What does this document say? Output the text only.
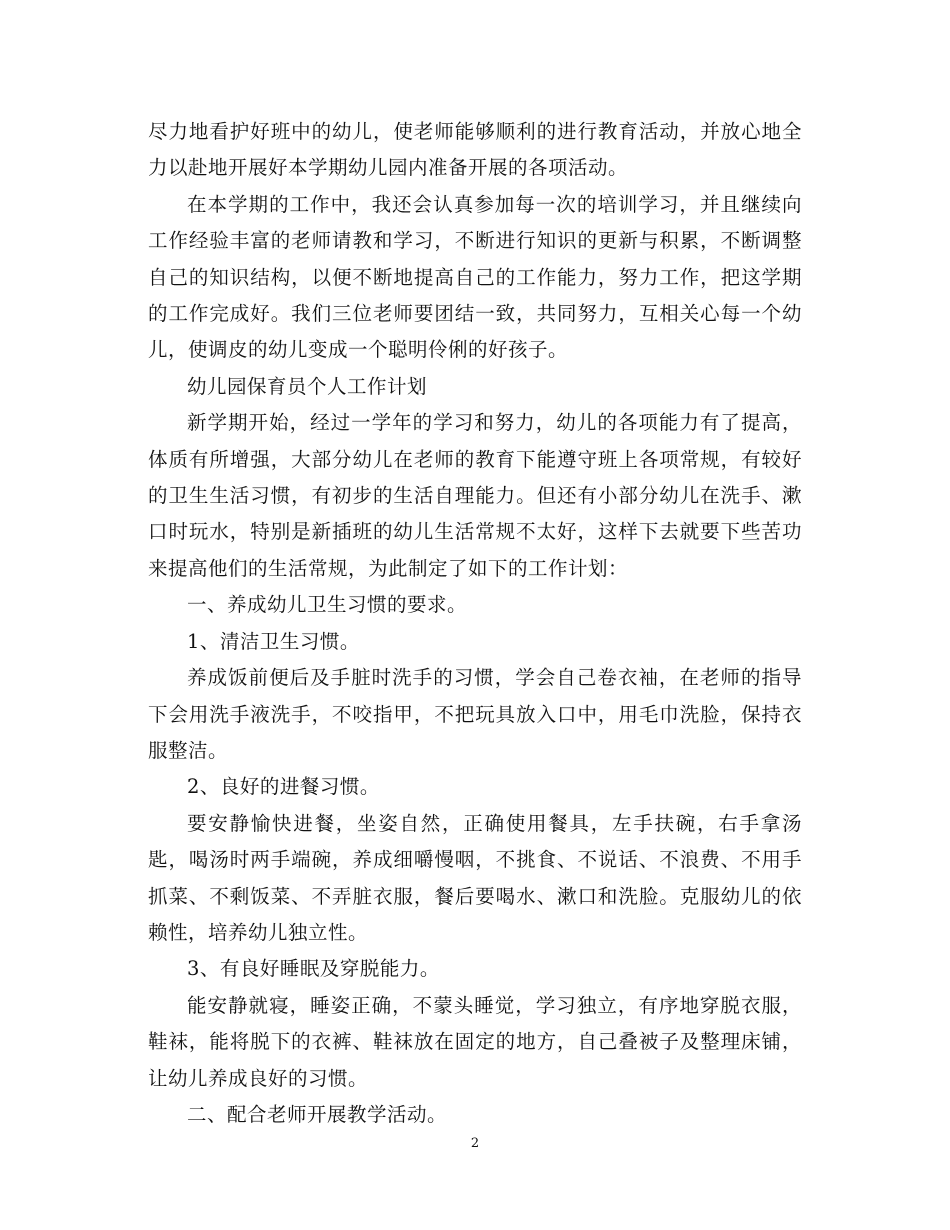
尽力地看护好班中的幼儿，使老师能够顺利的进行教育活动，并放心地全力以赴地开展好本学期幼儿园内准备开展的各项活动。

在本学期的工作中，我还会认真参加每一次的培训学习，并且继续向工作经验丰富的老师请教和学习，不断进行知识的更新与积累，不断调整自己的知识结构，以便不断地提高自己的工作能力，努力工作，把这学期的工作完成好。我们三位老师要团结一致，共同努力，互相关心每一个幼儿，使调皮的幼儿变成一个聪明伶俐的好孩子。

幼儿园保育员个人工作计划

新学期开始，经过一学年的学习和努力，幼儿的各项能力有了提高，体质有所增强，大部分幼儿在老师的教育下能遵守班上各项常规，有较好的卫生生活习惯，有初步的生活自理能力。但还有小部分幼儿在洗手、漱口时玩水，特别是新插班的幼儿生活常规不太好，这样下去就要下些苦功来提高他们的生活常规，为此制定了如下的工作计划：

一、养成幼儿卫生习惯的要求。

1、清洁卫生习惯。

养成饭前便后及手脏时洗手的习惯，学会自己卷衣袖，在老师的指导下会用洗手液洗手，不咬指甲，不把玩具放入口中，用毛巾洗脸，保持衣服整洁。

2、良好的进餐习惯。

要安静愉快进餐，坐姿自然，正确使用餐具，左手扶碗，右手拿汤匙，喝汤时两手端碗，养成细嚼慢咽，不挑食、不说话、不浪费、不用手抓菜、不剩饭菜、不弄脏衣服，餐后要喝水、漱口和洗脸。克服幼儿的依赖性，培养幼儿独立性。

3、有良好睡眠及穿脱能力。

能安静就寝，睡姿正确，不蒙头睡觉，学习独立，有序地穿脱衣服，鞋袜，能将脱下的衣裤、鞋袜放在固定的地方，自己叠被子及整理床铺，让幼儿养成良好的习惯。

二、配合老师开展教学活动。

2
